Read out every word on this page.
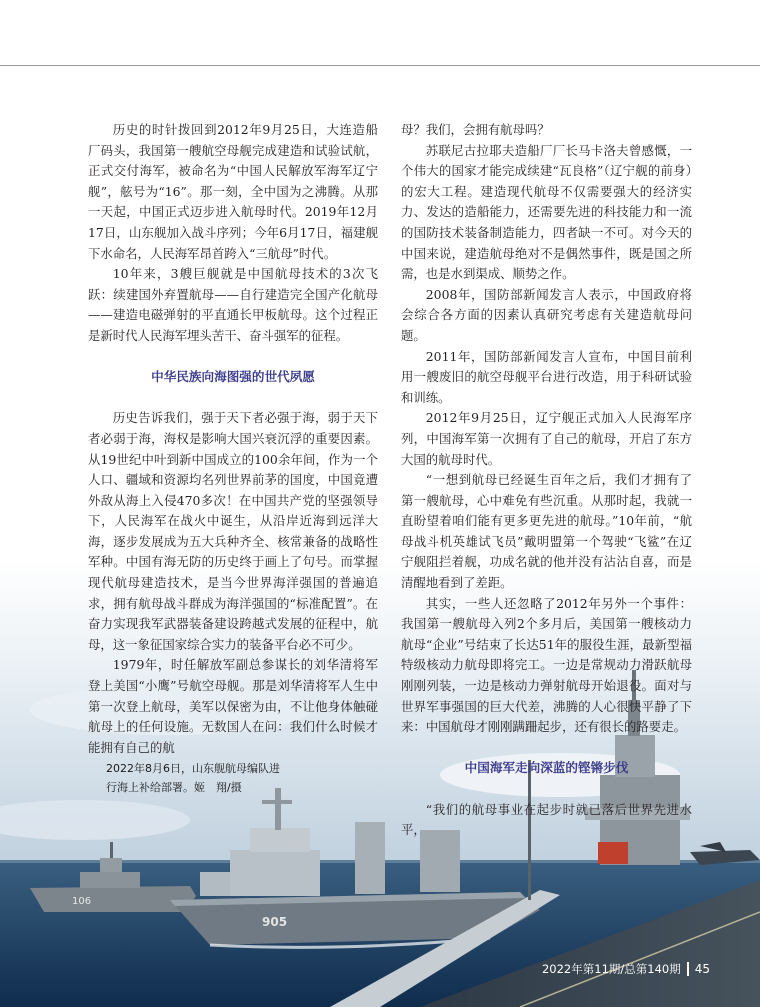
106
905

历史的时针拨回到2012年9月25日，大连造船厂码头，我国第一艘航空母舰完成建造和试验试航，正式交付海军，被命名为“中国人民解放军海军辽宁舰”，舷号为“16”。那一刻，全中国为之沸腾。从那一天起，中国正式迈步进入航母时代。2019年12月17日，山东舰加入战斗序列；今年6月17日，福建舰下水命名，人民海军昂首跨入“三航母”时代。

10年来，3艘巨舰就是中国航母技术的3次飞跃：续建国外弃置航母——自行建造完全国产化航母——建造电磁弹射的平直通长甲板航母。这个过程正是新时代人民海军埋头苦干、奋斗强军的征程。

中华民族向海图强的世代夙愿

历史告诉我们，强于天下者必强于海，弱于天下者必弱于海，海权是影响大国兴衰沉浮的重要因素。从19世纪中叶到新中国成立的100余年间，作为一个人口、疆域和资源均名列世界前茅的国度，中国竟遭外敌从海上入侵470多次！在中国共产党的坚强领导下，人民海军在战火中诞生，从沿岸近海到远洋大海，逐步发展成为五大兵种齐全、核常兼备的战略性军种。中国有海无防的历史终于画上了句号。而掌握现代航母建造技术，是当今世界海洋强国的普遍追求，拥有航母战斗群成为海洋强国的“标准配置”。在奋力实现我军武器装备建设跨越式发展的征程中，航母，这一象征国家综合实力的装备平台必不可少。

1979年，时任解放军副总参谋长的刘华清将军登上美国“小鹰”号航空母舰。那是刘华清将军人生中第一次登上航母，美军以保密为由，不让他身体触碰航母上的任何设施。无数国人在问：我们什么时候才能拥有自己的航

母？我们，会拥有航母吗？

苏联尼古拉耶夫造船厂厂长马卡洛夫曾感慨，一个伟大的国家才能完成续建“瓦良格”（辽宁舰的前身）的宏大工程。建造现代航母不仅需要强大的经济实力、发达的造船能力，还需要先进的科技能力和一流的国防技术装备制造能力，四者缺一不可。对今天的中国来说，建造航母绝对不是偶然事件，既是国之所需，也是水到渠成、顺势之作。

2008年，国防部新闻发言人表示，中国政府将会综合各方面的因素认真研究考虑有关建造航母问题。

2011年，国防部新闻发言人宣布，中国目前利用一艘废旧的航空母舰平台进行改造，用于科研试验和训练。

2012年9月25日，辽宁舰正式加入人民海军序列，中国海军第一次拥有了自己的航母，开启了东方大国的航母时代。

“一想到航母已经诞生百年之后，我们才拥有了第一艘航母，心中难免有些沉重。从那时起，我就一直盼望着咱们能有更多更先进的航母。”10年前，“航母战斗机英雄试飞员”戴明盟第一个驾驶“飞鲨”在辽宁舰阻拦着舰，功成名就的他并没有沾沾自喜，而是清醒地看到了差距。

其实，一些人还忽略了2012年另外一个事件：我国第一艘航母入列2个多月后，美国第一艘核动力航母“企业”号结束了长达51年的服役生涯，最新型福特级核动力航母即将完工。一边是常规动力滑跃航母刚刚列装，一边是核动力弹射航母开始退役。面对与世界军事强国的巨大代差，沸腾的人心很快平静了下来：中国航母才刚刚蹒跚起步，还有很长的路要走。

中国海军走向深蓝的铿锵步伐

“我们的航母事业在起步时就已落后世界先进水平，

2022年8月6日，山东舰航母编队进
行海上补给部署。姬　翔/摄
2022年第11期/总第140期 45
